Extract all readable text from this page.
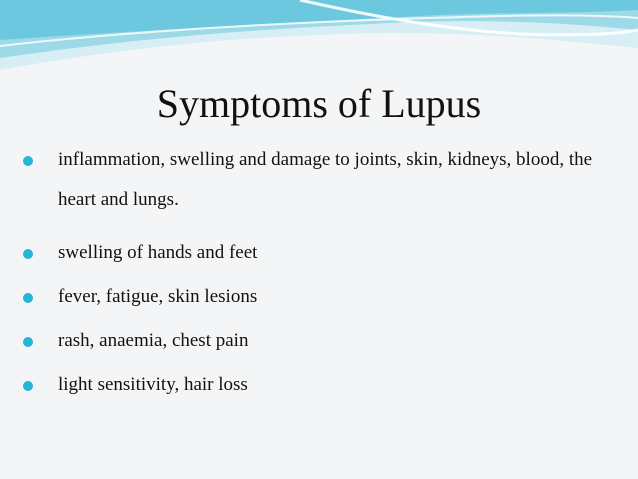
Symptoms of Lupus
inflammation, swelling and damage to joints, skin, kidneys, blood, the heart and lungs.
swelling of hands and feet
fever, fatigue, skin lesions
rash, anaemia, chest pain
light sensitivity, hair loss
